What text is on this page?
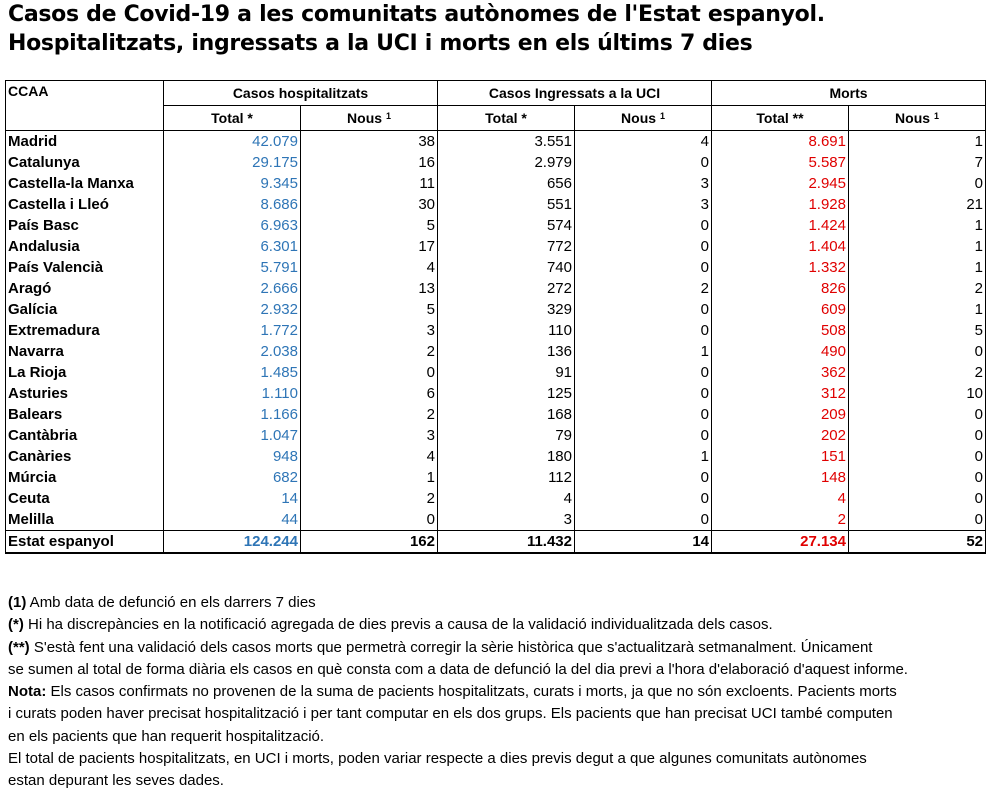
Casos de Covid-19 a les comunitats autònomes de l'Estat espanyol.
Hospitalitzats, ingressats a la UCI i morts en els últims 7 dies
CCAA	Casos hospitalitzats		Casos Ingressats a la UCI		Morts	
	Total *	Nous $^1$	Total *	Nous $^1$	Total **	Nous $^1$
Madrid	42.079	38	3.551	4	8.691	1
Catalunya	29.175	16	2.979	0	5.587	7
Castella-la Manxa	9.345	11	656	3	2.945	0
Castella i Lleó	8.686	30	551	3	1.928	21
País Basc	6.963	5	574	0	1.424	1
Andalusia	6.301	17	772	0	1.404	1
País Valencià	5.791	4	740	0	1.332	1
Aragó	2.666	13	272	2	826	2
Galícia	2.932	5	329	0	609	1
Extremadura	1.772	3	110	0	508	5
Navarra	2.038	2	136	1	490	0
La Rioja	1.485	0	91	0	362	2
Asturies	1.110	6	125	0	312	10
Balears	1.166	2	168	0	209	0
Cantàbria	1.047	3	79	0	202	0
Canàries	948	4	180	1	151	0
Múrcia	682	1	112	0	148	0
Ceuta	14	2	4	0	4	0
Melilla	44	0	3	0	2	0
Estat espanyol	124.244	162	11.432	14	27.134	52

(1) Amb data de defunció en els darrers 7 dies

(*) Hi ha discrepàncies en la notificació agregada de dies previs a causa de la validació individualitzada dels casos.

(**) S'està fent una validació dels casos morts que permetrà corregir la sèrie històrica que s'actualitzarà setmanalment. Únicament

se sumen al total de forma diària els casos en què consta com a data de defunció la del dia previ a l'hora d'elaboració d'aquest informe.

Nota: Els casos confirmats no provenen de la suma de pacients hospitalitzats, curats i morts, ja que no són excloents. Pacients morts

i curats poden haver precisat hospitalització i per tant computar en els dos grups. Els pacients que han precisat UCI també computen

en els pacients que han requerit hospitalització.

El total de pacients hospitalitzats, en UCI i morts, poden variar respecte a dies previs degut a que algunes comunitats autònomes

estan depurant les seves dades.
